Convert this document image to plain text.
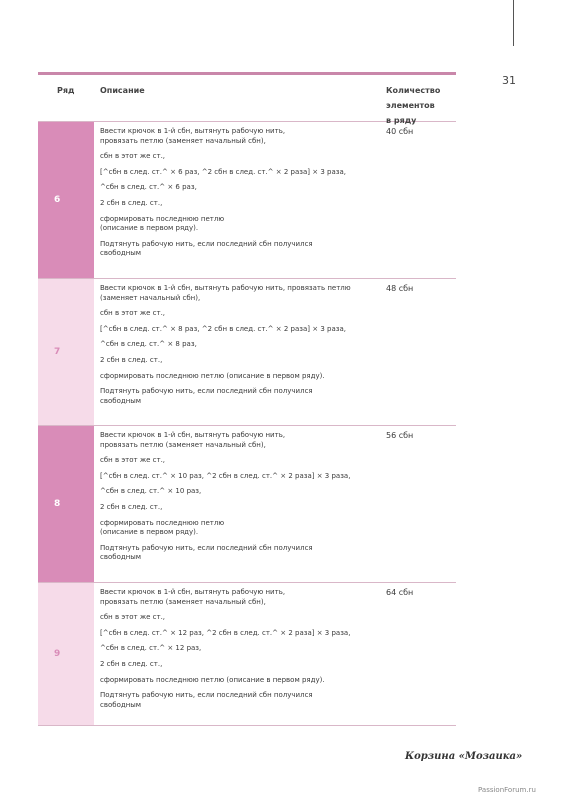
31
Ряд	Описание	Количество
элементов
в ряду
6
Ввести крючок в 1-й сбн, вытянуть рабочую нить,
провязать петлю (заменяет начальный сбн),
сбн в этот же ст.,
[^сбн в след. ст.^ × 6 раз, ^2 сбн в след. ст.^ × 2 раза] × 3 раза,
^сбн в след. ст.^ × 6 раз,
2 сбн в след. ст.,
сформировать последнюю петлю
(описание в первом ряду).
Подтянуть рабочую нить, если последний сбн получился
свободным
40 сбн
7
Ввести крючок в 1-й сбн, вытянуть рабочую нить, провязать петлю
(заменяет начальный сбн),
сбн в этот же ст.,
[^сбн в след. ст.^ × 8 раз, ^2 сбн в след. ст.^ × 2 раза] × 3 раза,
^сбн в след. ст.^ × 8 раз,
2 сбн в след. ст.,
сформировать последнюю петлю (описание в первом ряду).
Подтянуть рабочую нить, если последний сбн получился
свободным
48 сбн
8
Ввести крючок в 1-й сбн, вытянуть рабочую нить,
провязать петлю (заменяет начальный сбн),
сбн в этот же ст.,
[^сбн в след. ст.^ × 10 раз, ^2 сбн в след. ст.^ × 2 раза] × 3 раза,
^сбн в след. ст.^ × 10 раз,
2 сбн в след. ст.,
сформировать последнюю петлю
(описание в первом ряду).
Подтянуть рабочую нить, если последний сбн получился
свободным
56 сбн
9
Ввести крючок в 1-й сбн, вытянуть рабочую нить,
провязать петлю (заменяет начальный сбн),
сбн в этот же ст.,
[^сбн в след. ст.^ × 12 раз, ^2 сбн в след. ст.^ × 2 раза] × 3 раза,
^сбн в след. ст.^ × 12 раз,
2 сбн в след. ст.,
сформировать последнюю петлю (описание в первом ряду).
Подтянуть рабочую нить, если последний сбн получился
свободным
64 сбн
Корзина «Мозаика»
PassionForum.ru
